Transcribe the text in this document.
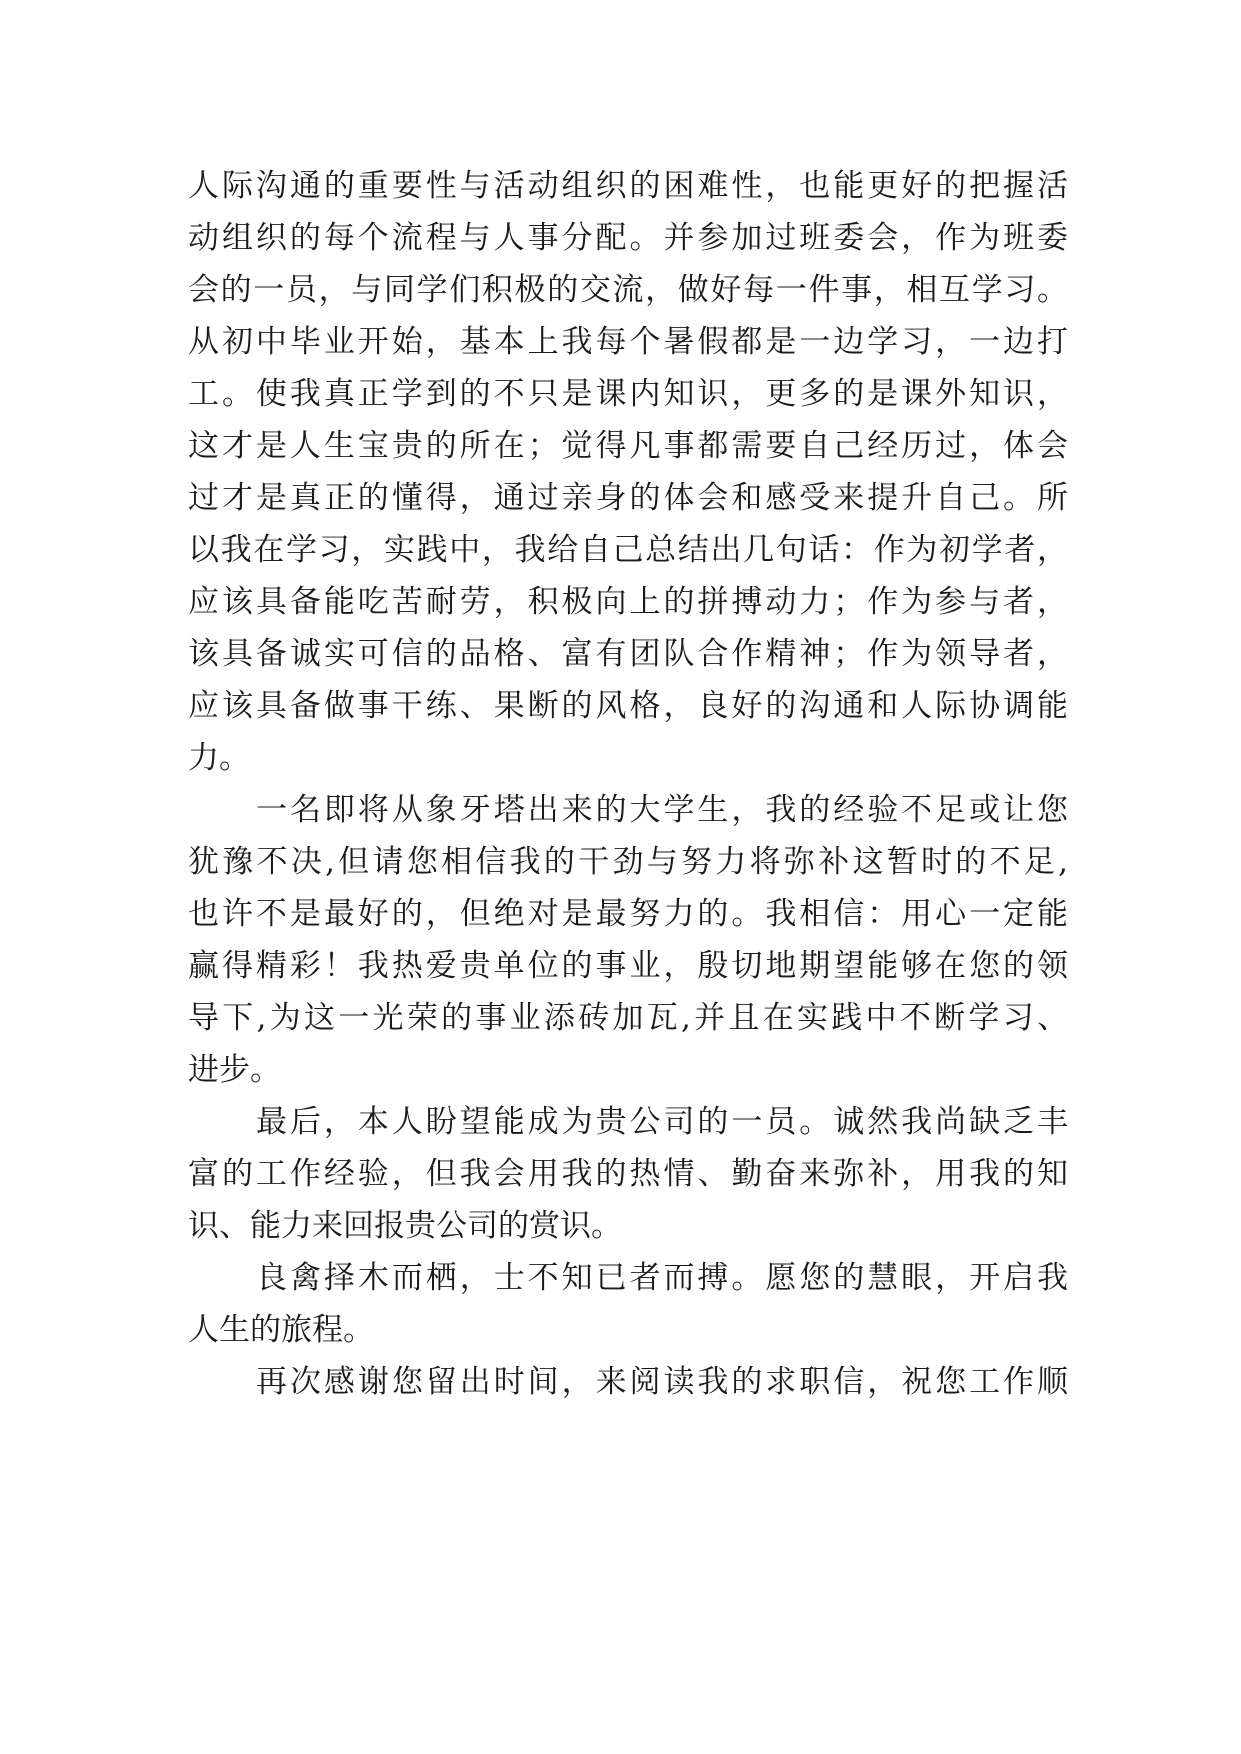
人际沟通的重要性与活动组织的困难性，也能更好的把握活
动组织的每个流程与人事分配。并参加过班委会，作为班委
会的一员，与同学们积极的交流，做好每一件事，相互学习。
从初中毕业开始，基本上我每个暑假都是一边学习，一边打
工。使我真正学到的不只是课内知识，更多的是课外知识，
这才是人生宝贵的所在；觉得凡事都需要自己经历过，体会
过才是真正的懂得，通过亲身的体会和感受来提升自己。所
以我在学习，实践中，我给自己总结出几句话：作为初学者，
应该具备能吃苦耐劳，积极向上的拼搏动力；作为参与者，
该具备诚实可信的品格、富有团队合作精神；作为领导者，
应该具备做事干练、果断的风格，良好的沟通和人际协调能
力。
一名即将从象牙塔出来的大学生，我的经验不足或让您
犹豫不决,但请您相信我的干劲与努力将弥补这暂时的不足,
也许不是最好的，但绝对是最努力的。我相信：用心一定能
赢得精彩！我热爱贵单位的事业，殷切地期望能够在您的领
导下,为这一光荣的事业添砖加瓦,并且在实践中不断学习、
进步。
最后，本人盼望能成为贵公司的一员。诚然我尚缺乏丰
富的工作经验，但我会用我的热情、勤奋来弥补，用我的知
识、能力来回报贵公司的赏识。
良禽择木而栖，士不知已者而搏。愿您的慧眼，开启我
人生的旅程。
再次感谢您留出时间，来阅读我的求职信，祝您工作顺
